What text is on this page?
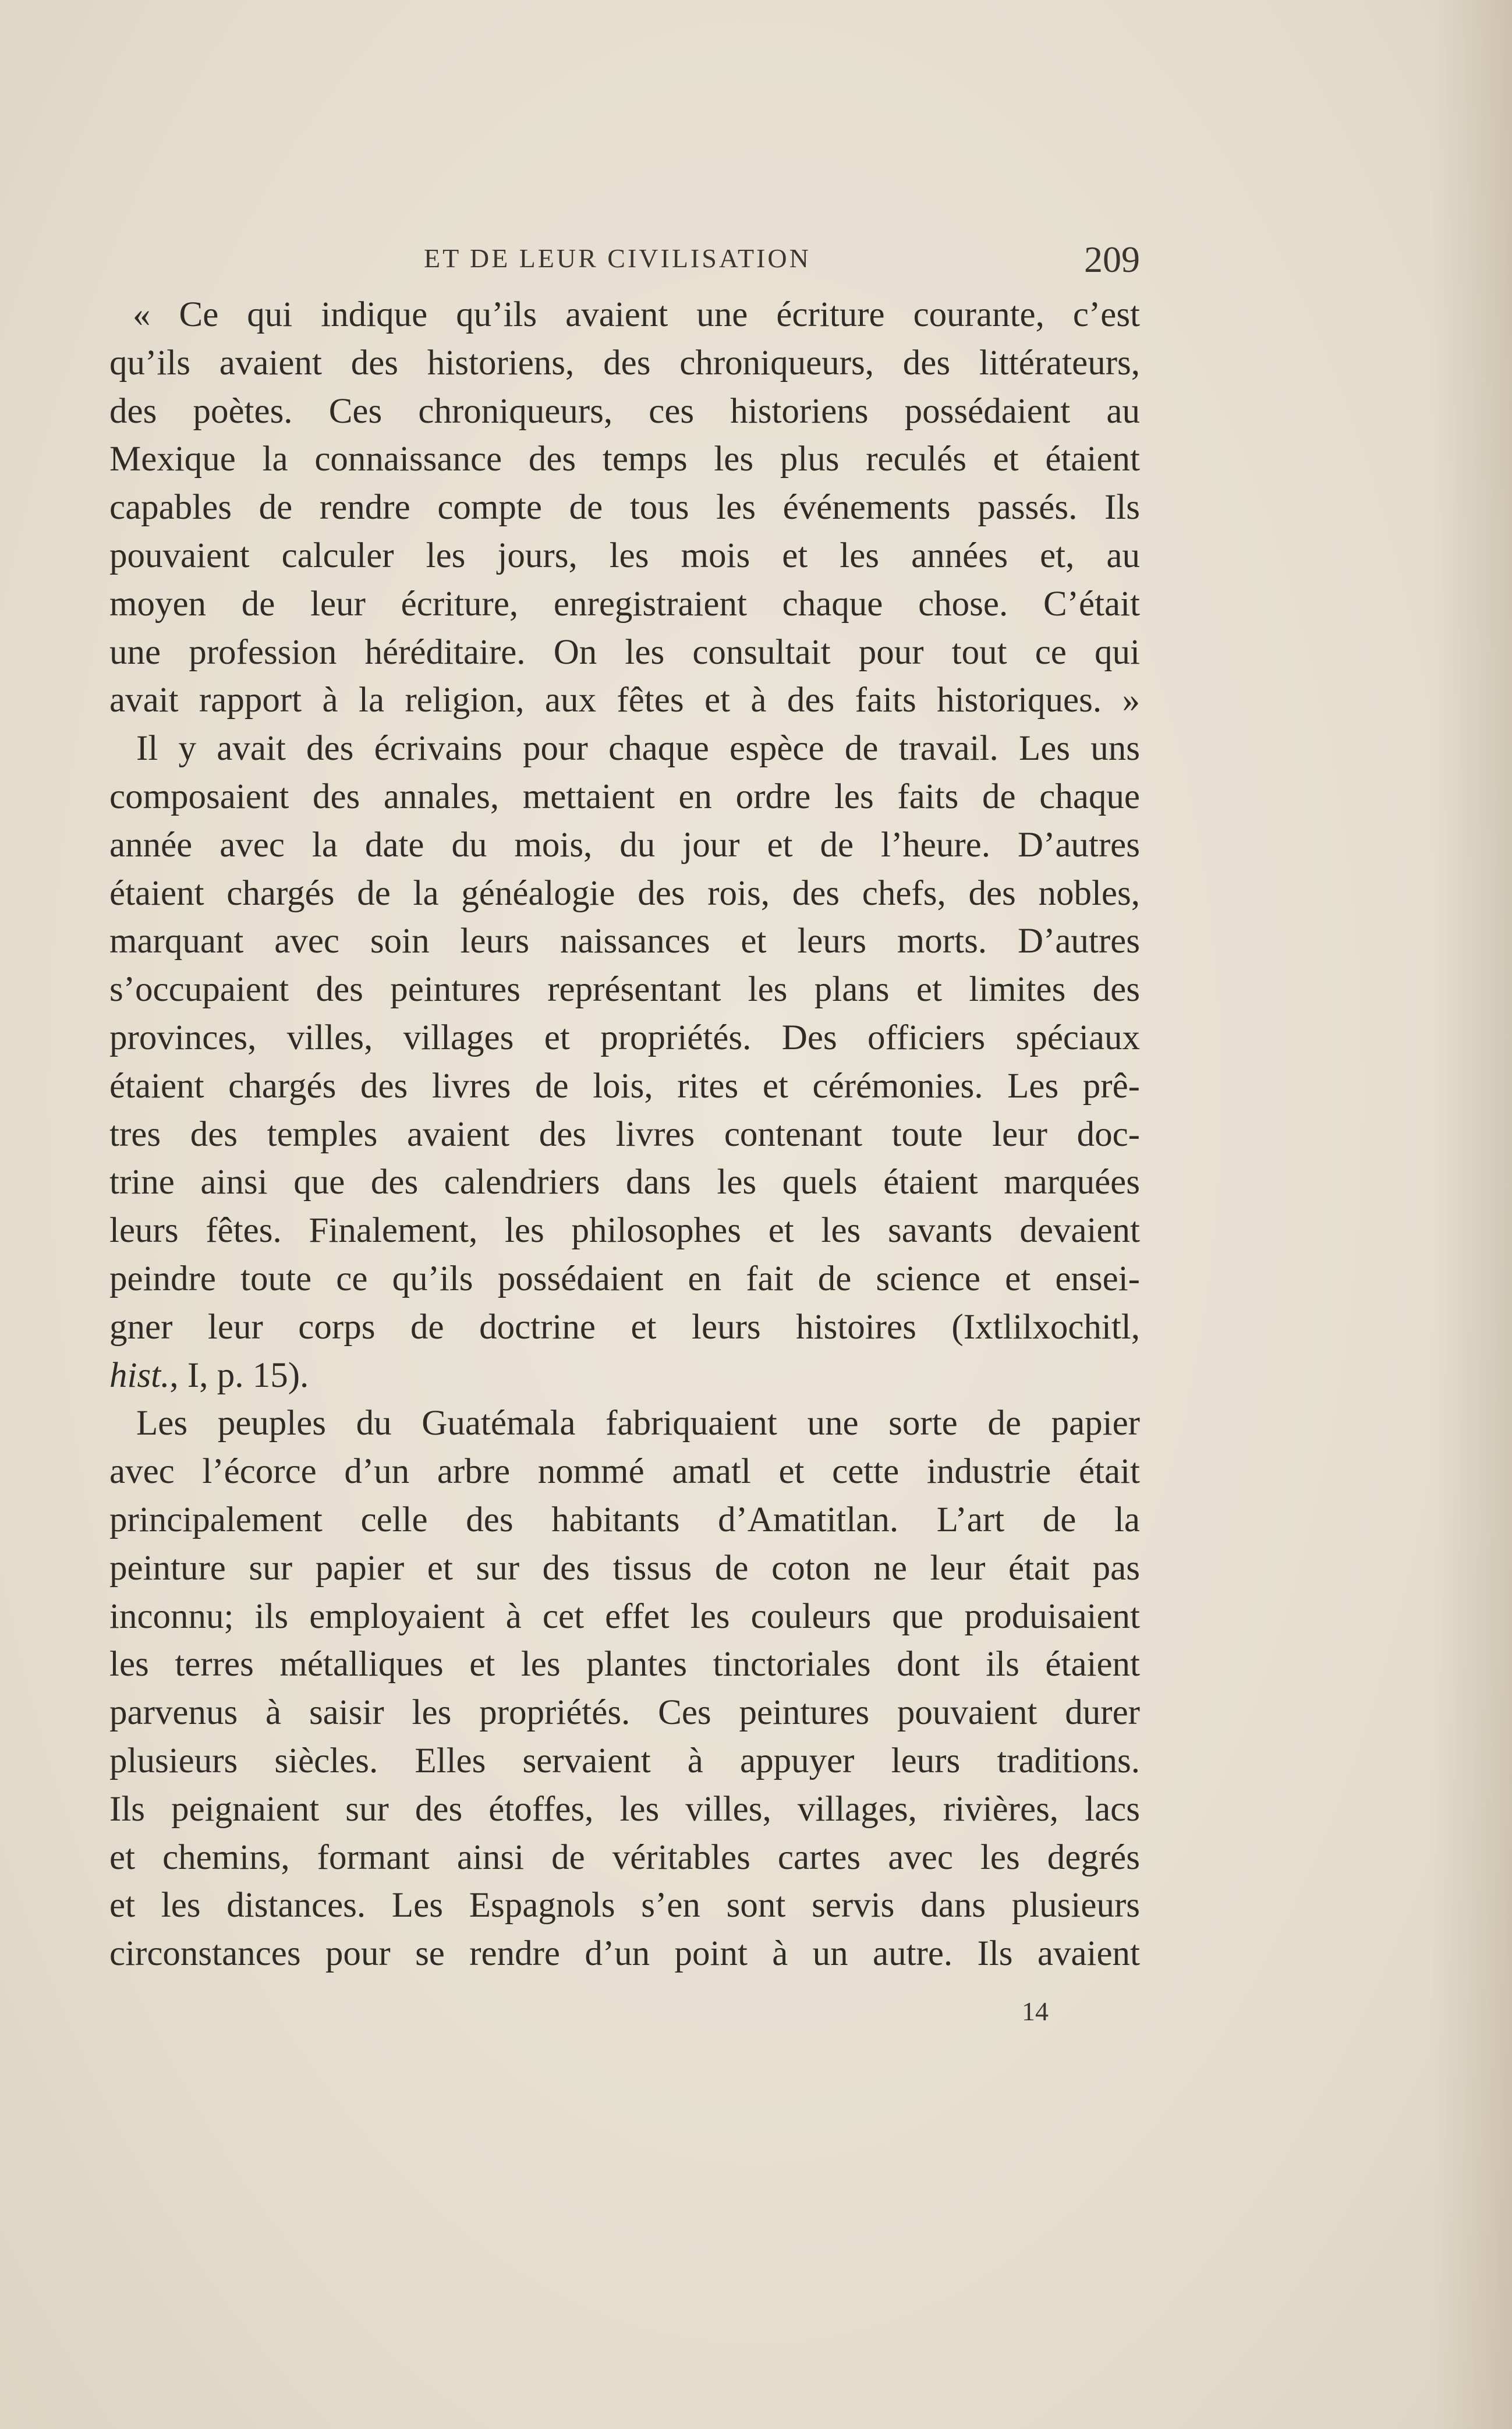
ET DE LEUR CIVILISATION	209

« Ce qui indique qu’ils avaient une écriture courante, c’est
qu’ils avaient des historiens, des chroniqueurs, des littérateurs,
des poètes. Ces chroniqueurs, ces historiens possédaient au
Mexique la connaissance des temps les plus reculés et étaient
capables de rendre compte de tous les événements passés. Ils
pouvaient calculer les jours, les mois et les années et, au
moyen de leur écriture, enregistraient chaque chose. C’était
une profession héréditaire. On les consultait pour tout ce qui
avait rapport à la religion, aux fêtes et à des faits historiques. »

Il y avait des écrivains pour chaque espèce de travail. Les uns
composaient des annales, mettaient en ordre les faits de chaque
année avec la date du mois, du jour et de l’heure. D’autres
étaient chargés de la généalogie des rois, des chefs, des nobles,
marquant avec soin leurs naissances et leurs morts. D’autres
s’occupaient des peintures représentant les plans et limites des
provinces, villes, villages et propriétés. Des officiers spéciaux
étaient chargés des livres de lois, rites et cérémonies. Les prê-
tres des temples avaient des livres contenant toute leur doc-
trine ainsi que des calendriers dans les quels étaient marquées
leurs fêtes. Finalement, les philosophes et les savants devaient
peindre toute ce qu’ils possédaient en fait de science et ensei-
gner leur corps de doctrine et leurs histoires (Ixtlilxochitl,
hist., I, p. 15).

Les peuples du Guatémala fabriquaient une sorte de papier
avec l’écorce d’un arbre nommé amatl et cette industrie était
principalement celle des habitants d’Amatitlan. L’art de la
peinture sur papier et sur des tissus de coton ne leur était pas
inconnu; ils employaient à cet effet les couleurs que produisaient
les terres métalliques et les plantes tinctoriales dont ils étaient
parvenus à saisir les propriétés. Ces peintures pouvaient durer
plusieurs siècles. Elles servaient à appuyer leurs traditions.
Ils peignaient sur des étoffes, les villes, villages, rivières, lacs
et chemins, formant ainsi de véritables cartes avec les degrés
et les distances. Les Espagnols s’en sont servis dans plusieurs
circonstances pour se rendre d’un point à un autre. Ils avaient

14
